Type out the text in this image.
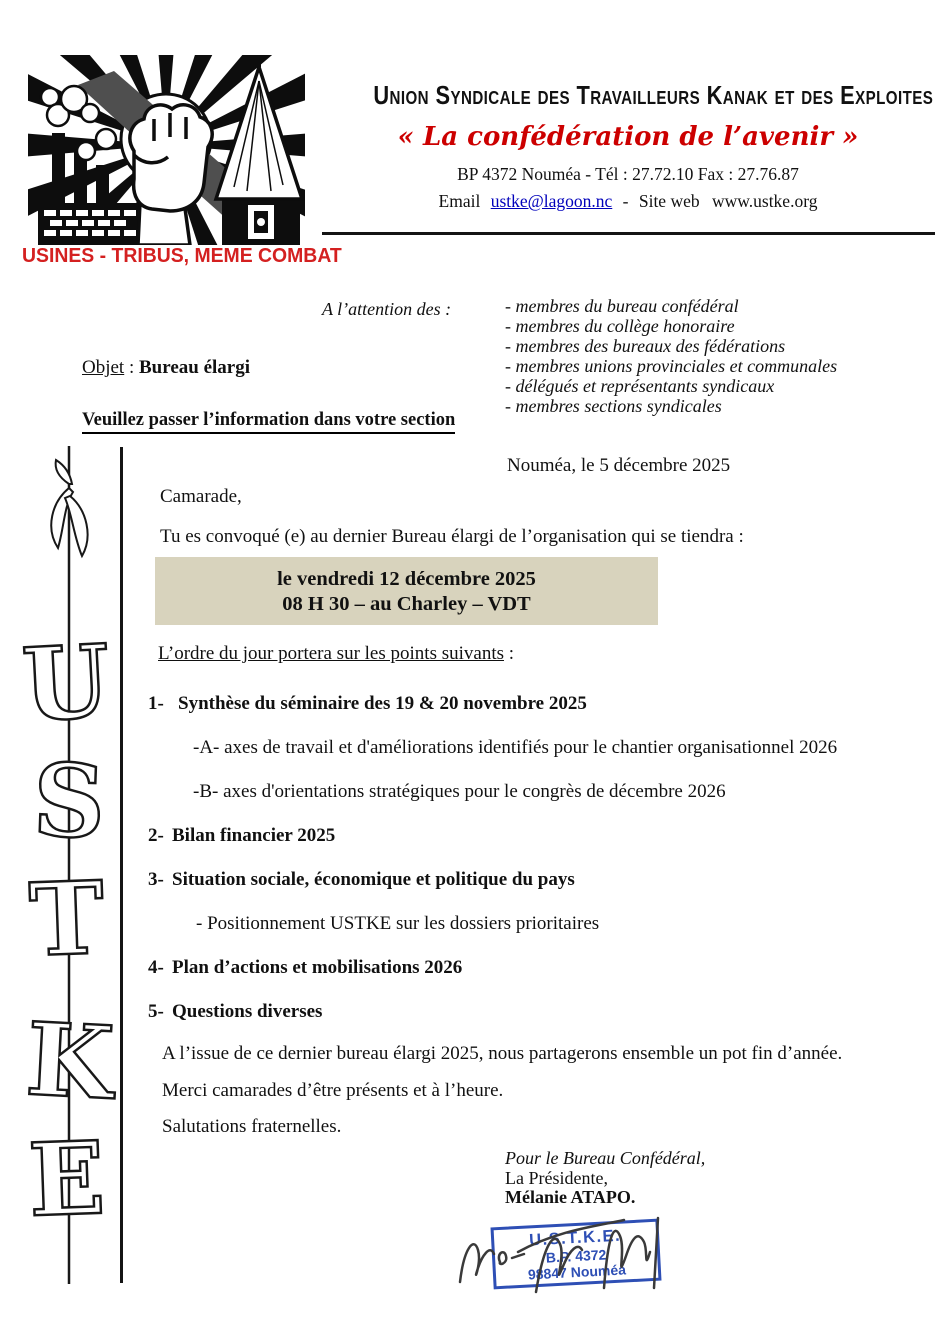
USINES - TRIBUS, MEME COMBAT
Union Syndicale des Travailleurs Kanak et des Exploites
« La confédération de l’avenir »
BP 4372 Nouméa - Tél : 27.72.10 Fax : 27.76.87
Email ustke@lagoon.nc - Site web www.ustke.org
A l’attention des :	- membres du bureau confédéral
- membres du collège honoraire
- membres des bureaux des fédérations
- membres unions provinciales et communales
- délégués et représentants syndicaux
- membres sections syndicales
Objet : Bureau élargi
Veuillez passer l’information dans votre section
U
S
T
K
E
Nouméa, le 5 décembre 2025
Camarade,
Tu es convoqué (e) au dernier Bureau élargi de l’organisation qui se tiendra :
le vendredi 12 décembre 2025
08 H 30 – au Charley – VDT
L’ordre du jour portera sur les points suivants :
1- Synthèse du séminaire des 19 & 20 novembre 2025
-A- axes de travail et d'améliorations identifiés pour le chantier organisationnel 2026
-B- axes d'orientations stratégiques pour le congrès de décembre 2026
2- Bilan financier 2025
3- Situation sociale, économique et politique du pays
- Positionnement USTKE sur les dossiers prioritaires
4- Plan d’actions et mobilisations 2026
5- Questions diverses
A l’issue de ce dernier bureau élargi 2025, nous partagerons ensemble un pot fin d’année.
Merci camarades d’être présents et à l’heure.
Salutations fraternelles.
Pour le Bureau Confédéral,
La Présidente,
Mélanie ATAPO.
U.S.T.K.E.
B.P. 4372
98847 Nouméa
